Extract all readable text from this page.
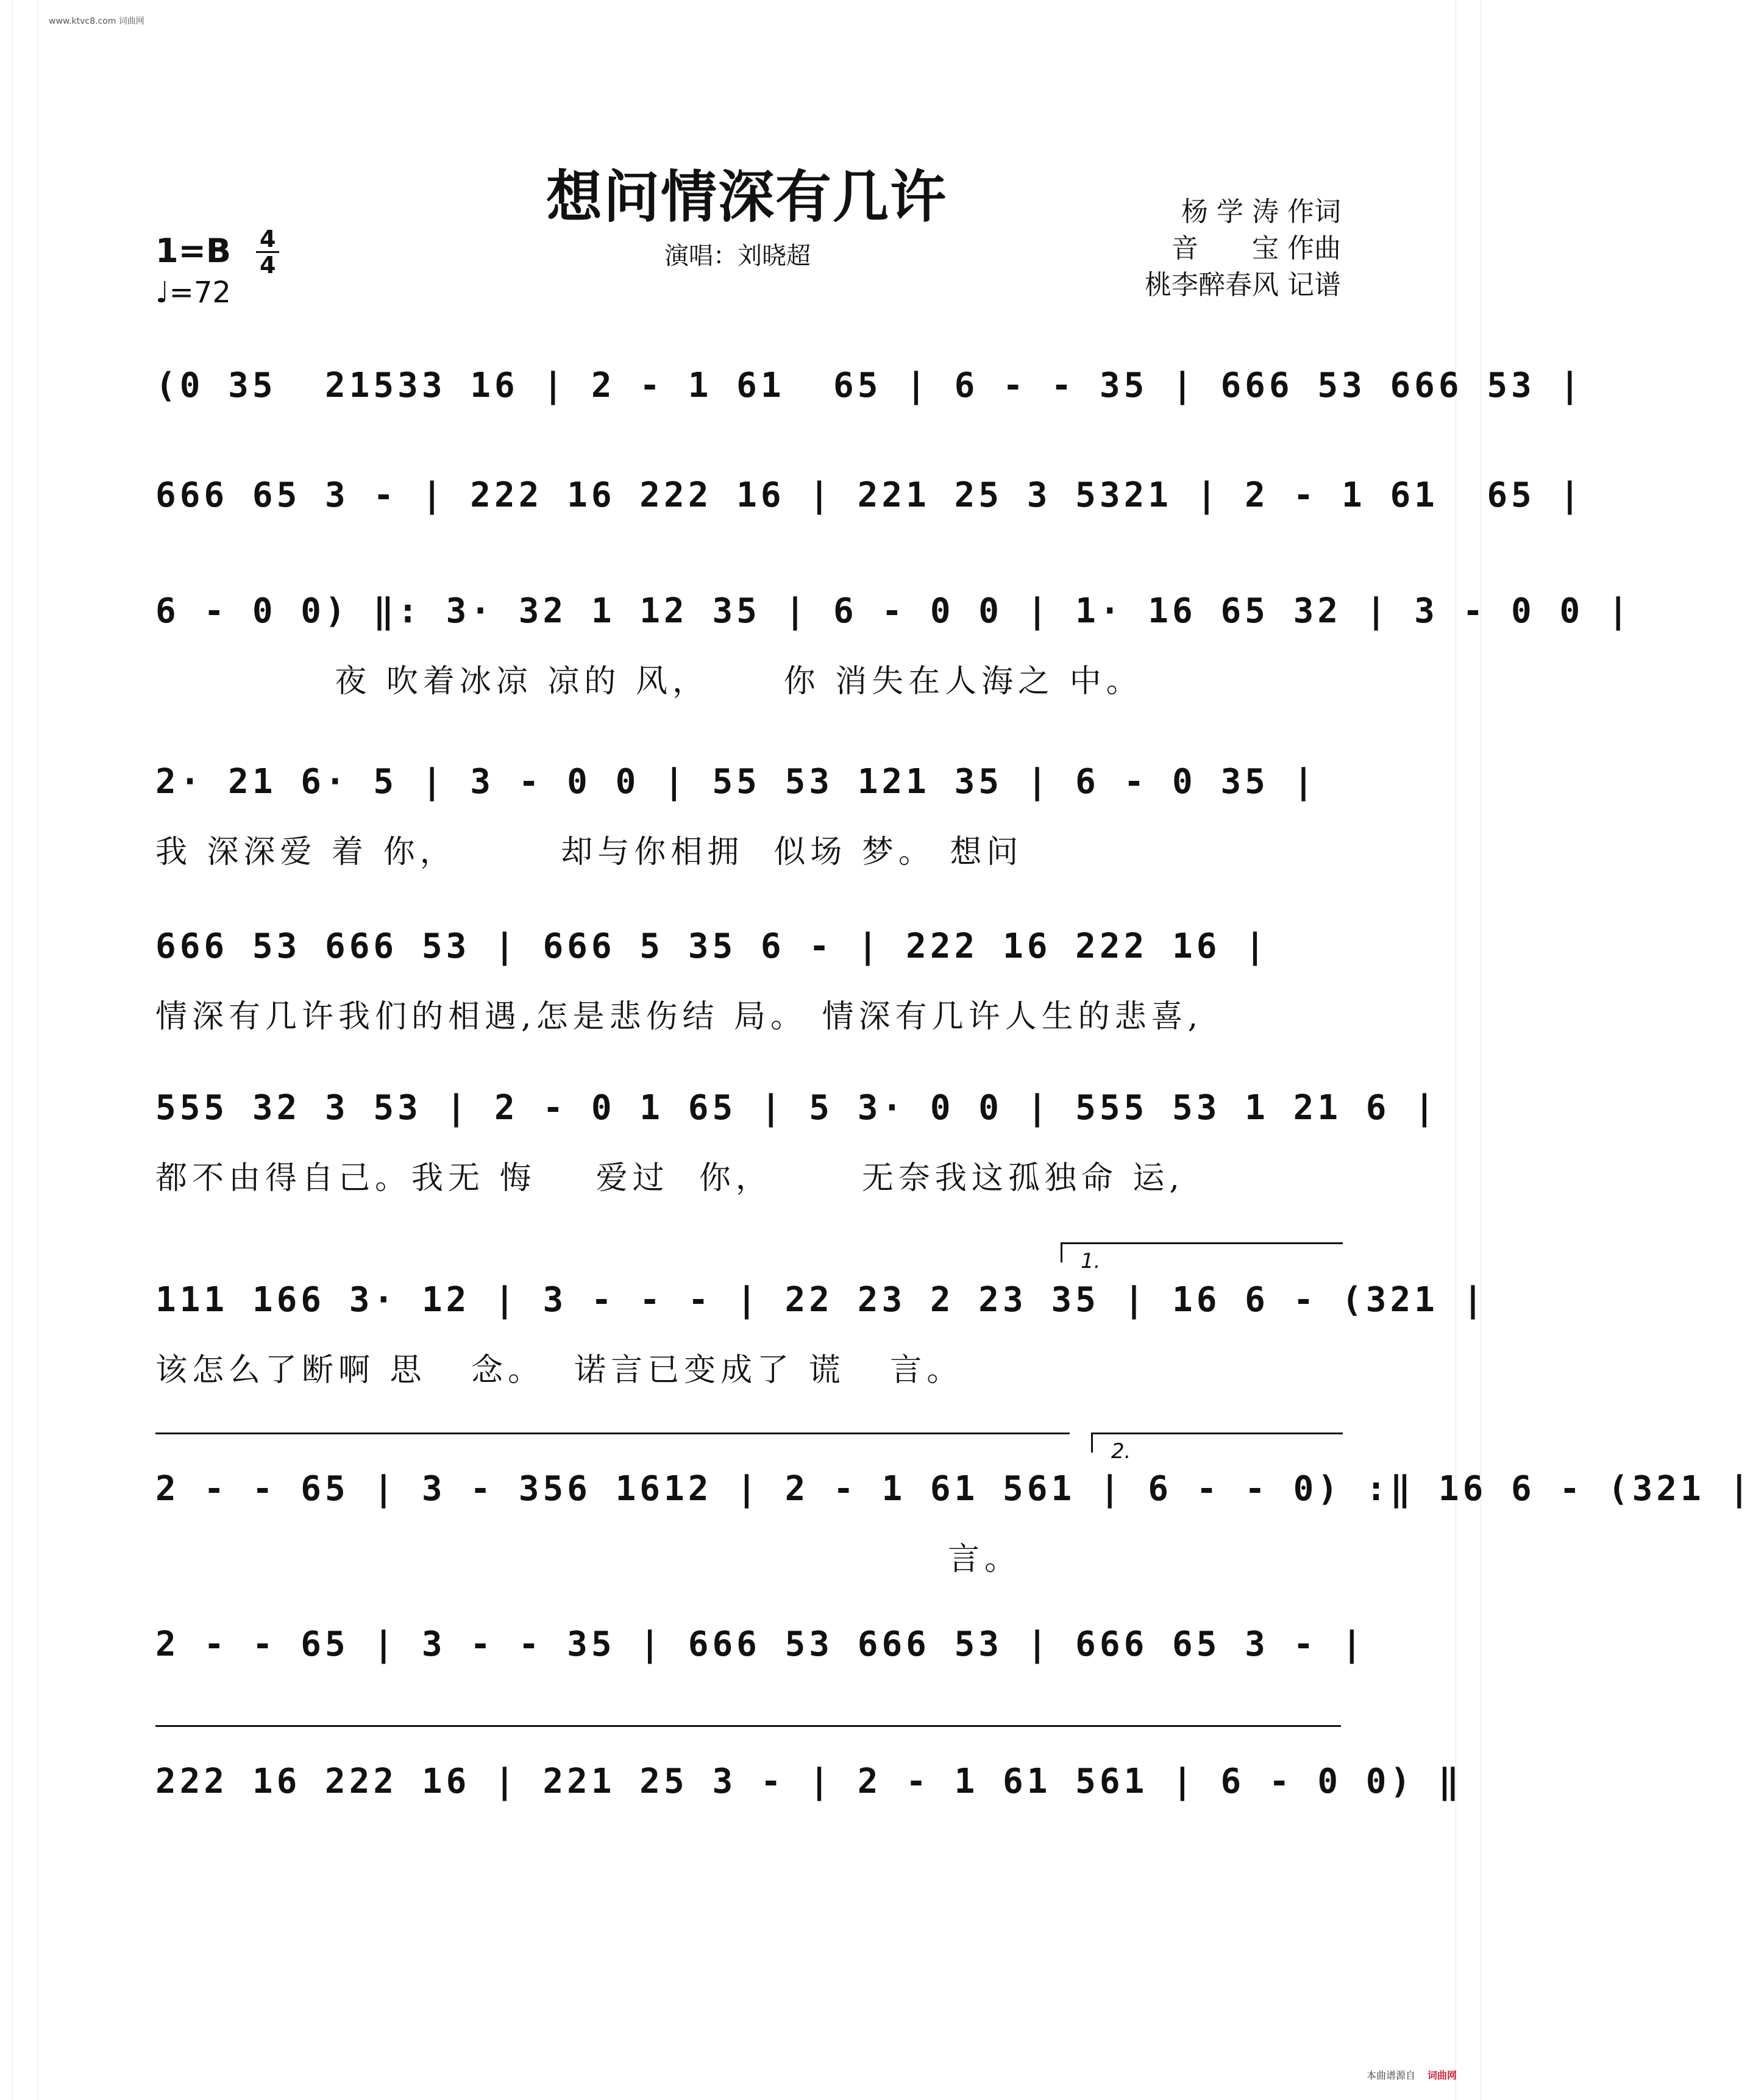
www.ktvc8.com 词曲网
想问情深有几许
演唱：刘晓超
杨 学 涛 作词
音　　宝 作曲
桃李醉春风 记谱
1=B 4
4
♩=72
(0 35  21533 16 | 2 - 1 61  65 | 6 - - 35 | 666 53 666 53 |
666 65 3 - | 222 16 222 16 | 221 25 3 5321 | 2 - 1 61  65 |
6 - 0 0) ‖: 3· 32 1 12 35 | 6 - 0 0 | 1· 16 65 32 | 3 - 0 0 |
夜 吹着冰凉 凉的 风，     你 消失在人海之 中。
2· 21 6· 5 | 3 - 0 0 | 55 53 121 35 | 6 - 0 35 |
我 深深爱 着 你，       却与你相拥  似场 梦。 想问
666 53 666 53 | 666 5 35 6 - | 222 16 222 16 |
情深有几许我们的相遇,怎是悲伤结 局。 情深有几许人生的悲喜,
555 32 3 53 | 2 - 0 1 65 | 5 3· 0 0 | 555 53 1 21 6 |
都不由得自己。我无 悔    爱过  你，      无奈我这孤独命 运,
1.
111 166 3· 12 | 3 - - - | 22 23 2 23 35 | 16 6 - (321 |
该怎么了断啊 思   念。  诺言已变成了 谎   言。
2.
2 - - 65 | 3 - 356 1612 | 2 - 1 61 561 | 6 - - 0) :‖ 16 6 - (321 |
言。
2 - - 65 | 3 - - 35 | 666 53 666 53 | 666 65 3 - |
222 16 222 16 | 221 25 3 - | 2 - 1 61 561 | 6 - 0 0) ‖
本曲谱源自 词曲网
